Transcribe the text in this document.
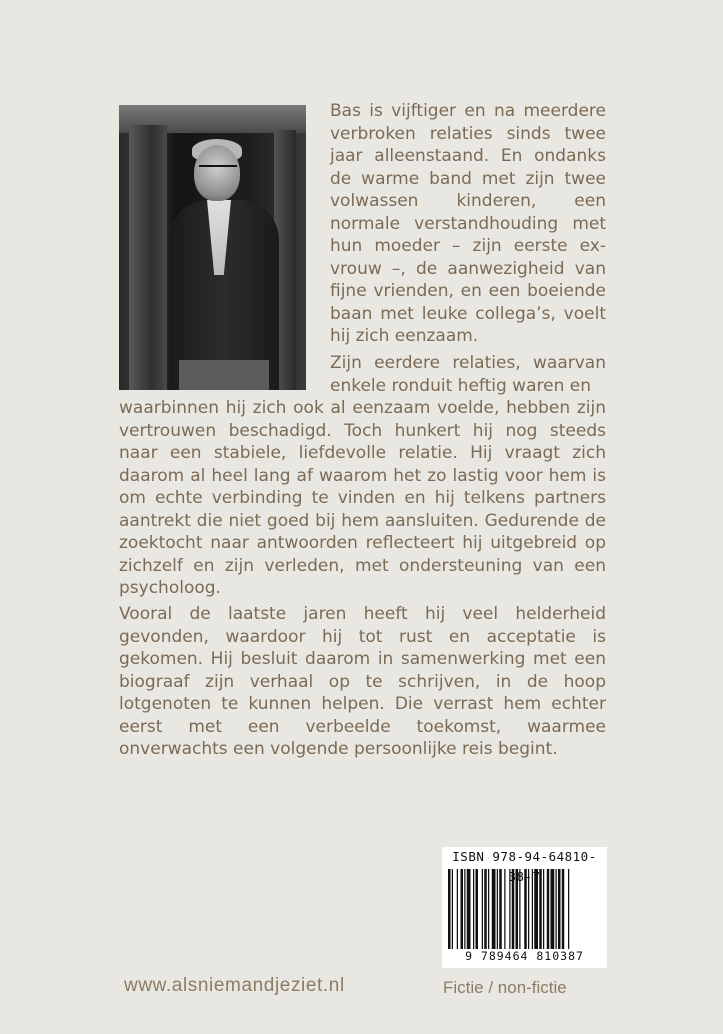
Bas is vijftiger en na meerdere verbroken relaties sinds twee jaar alleenstaand. En ondanks de warme band met zijn twee volwassen kinderen, een normale verstandhouding met hun moeder – zijn eerste ex-vrouw –, de aanwezigheid van fijne vrienden, en een boeiende baan met leuke collega’s, voelt hij zich eenzaam.

Zijn eerdere relaties, waarvan enkele ronduit heftig waren en

waarbinnen hij zich ook al eenzaam voelde, hebben zijn vertrouwen beschadigd. Toch hunkert hij nog steeds naar een stabiele, liefdevolle relatie. Hij vraagt zich daarom al heel lang af waarom het zo lastig voor hem is om echte verbinding te vinden en hij telkens partners aantrekt die niet goed bij hem aansluiten. Gedurende de zoektocht naar antwoorden reflecteert hij uitgebreid op zichzelf en zijn verleden, met ondersteuning van een psycholoog.

Vooral de laatste jaren heeft hij veel helderheid gevonden, waardoor hij tot rust en acceptatie is gekomen. Hij besluit daarom in samenwerking met een biograaf zijn verhaal op te schrijven, in de hoop lotgenoten te kunnen helpen. Die verrast hem echter eerst met een verbeelde toekomst, waarmee onverwachts een volgende persoonlijke reis begint.

ISBN 978-94-64810- 8-7
9 789464 810387
www.alsniemandjeziet.nl	Fictie / non-fictie
